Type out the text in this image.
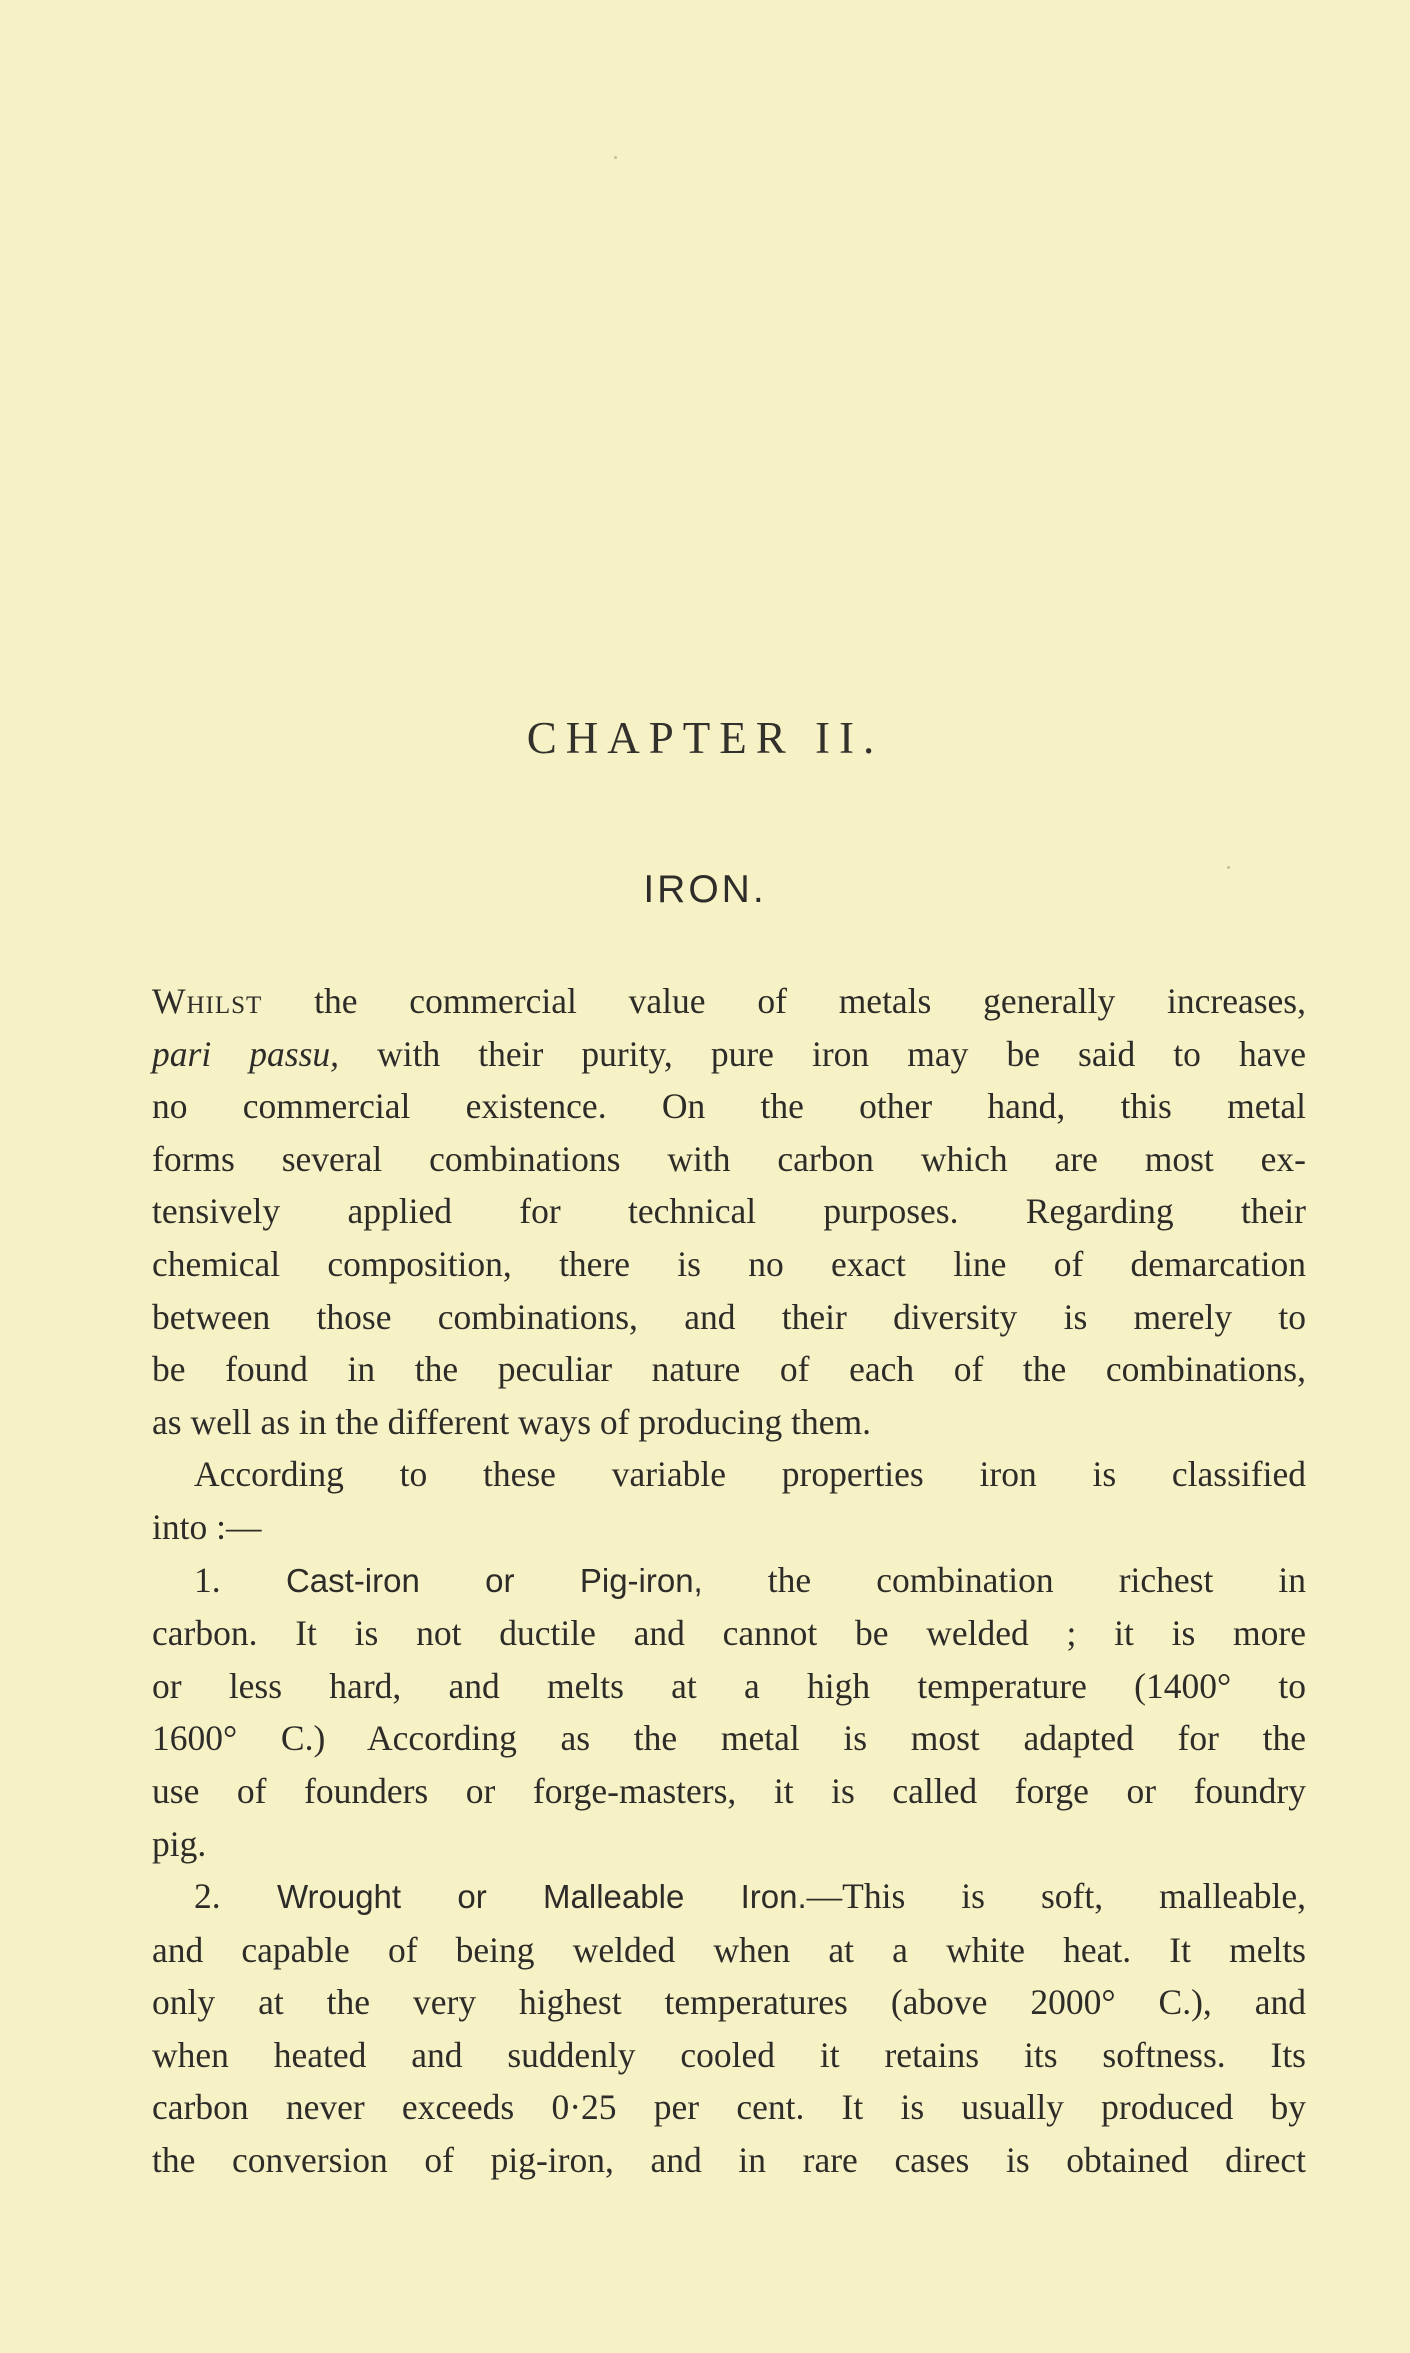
CHAPTER II.
IRON.
Whilst the commercial value of metals generally increases,
pari passu, with their purity, pure iron may be said to have
no commercial existence. On the other hand, this metal
forms several combinations with carbon which are most ex-
tensively applied for technical purposes. Regarding their
chemical composition, there is no exact line of demarcation
between those combinations, and their diversity is merely to
be found in the peculiar nature of each of the combinations,
as well as in the different ways of producing them.
According to these variable properties iron is classified
into :—
1. Cast-iron or Pig-iron, the combination richest in
carbon. It is not ductile and cannot be welded ; it is more
or less hard, and melts at a high temperature (1400° to
1600° C.) According as the metal is most adapted for the
use of founders or forge-masters, it is called forge or foundry
pig.
2. Wrought or Malleable Iron.—This is soft, malleable,
and capable of being welded when at a white heat. It melts
only at the very highest temperatures (above 2000° C.), and
when heated and suddenly cooled it retains its softness. Its
carbon never exceeds 0·25 per cent. It is usually produced by
the conversion of pig-iron, and in rare cases is obtained direct
